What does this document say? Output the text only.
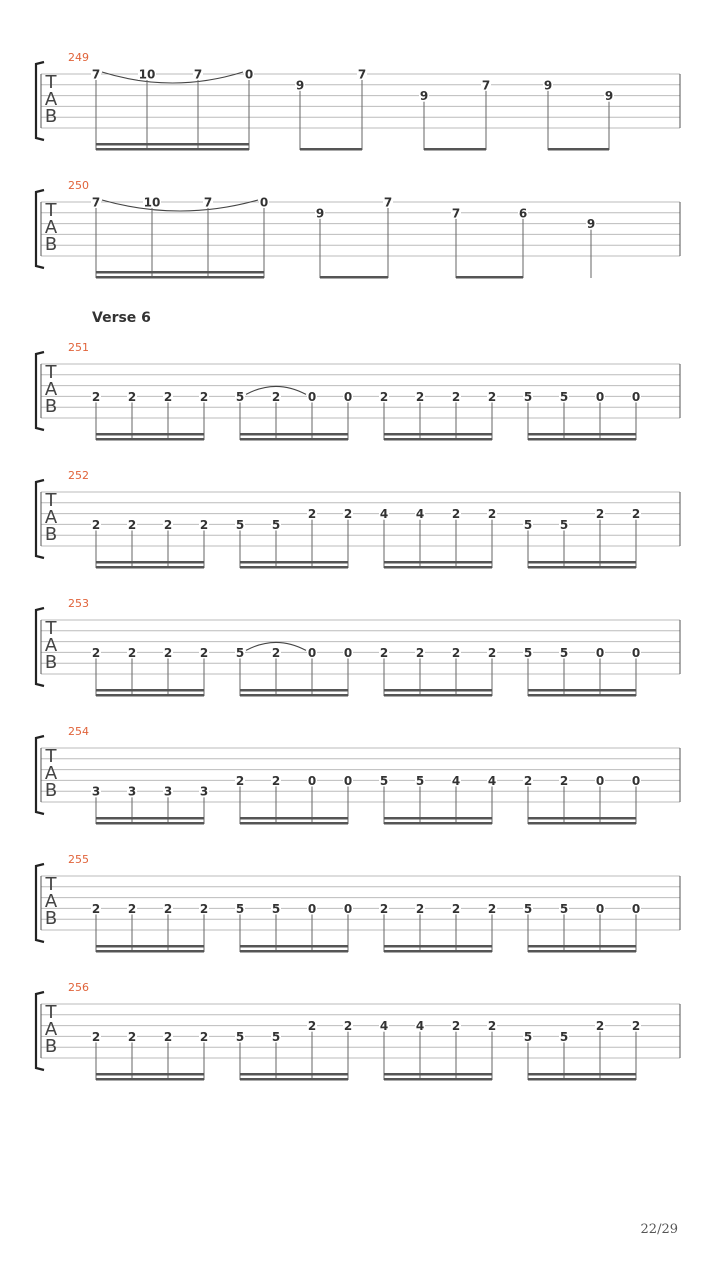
T
A
B
249
7	10	7	0
9
7
9
7	9
9
T
A
B
250
7	10	7	0
9
7
7	6
9
T
A
B
251
2 2 2 2 5 2 0 0 2 2 2 2 5 5 0 0
T
A
B
252
2 2 2 2 5 5
2 2 4 4 2 2
5 5
2 2
T
A
B
253
2 2 2 2 5 2 0 0 2 2 2 2 5 5 0 0
T
A
B
254
3 3 3 3
2 2 0 0 5 5 4 4 2 2 0 0
T
A
B
255
2 2 2 2 5 5 0 0 2 2 2 2 5 5 0 0
T
A
B
256
2 2 2 2 5 5
2 2 4 4 2 2
5 5
2 2
Verse 6
22/29
